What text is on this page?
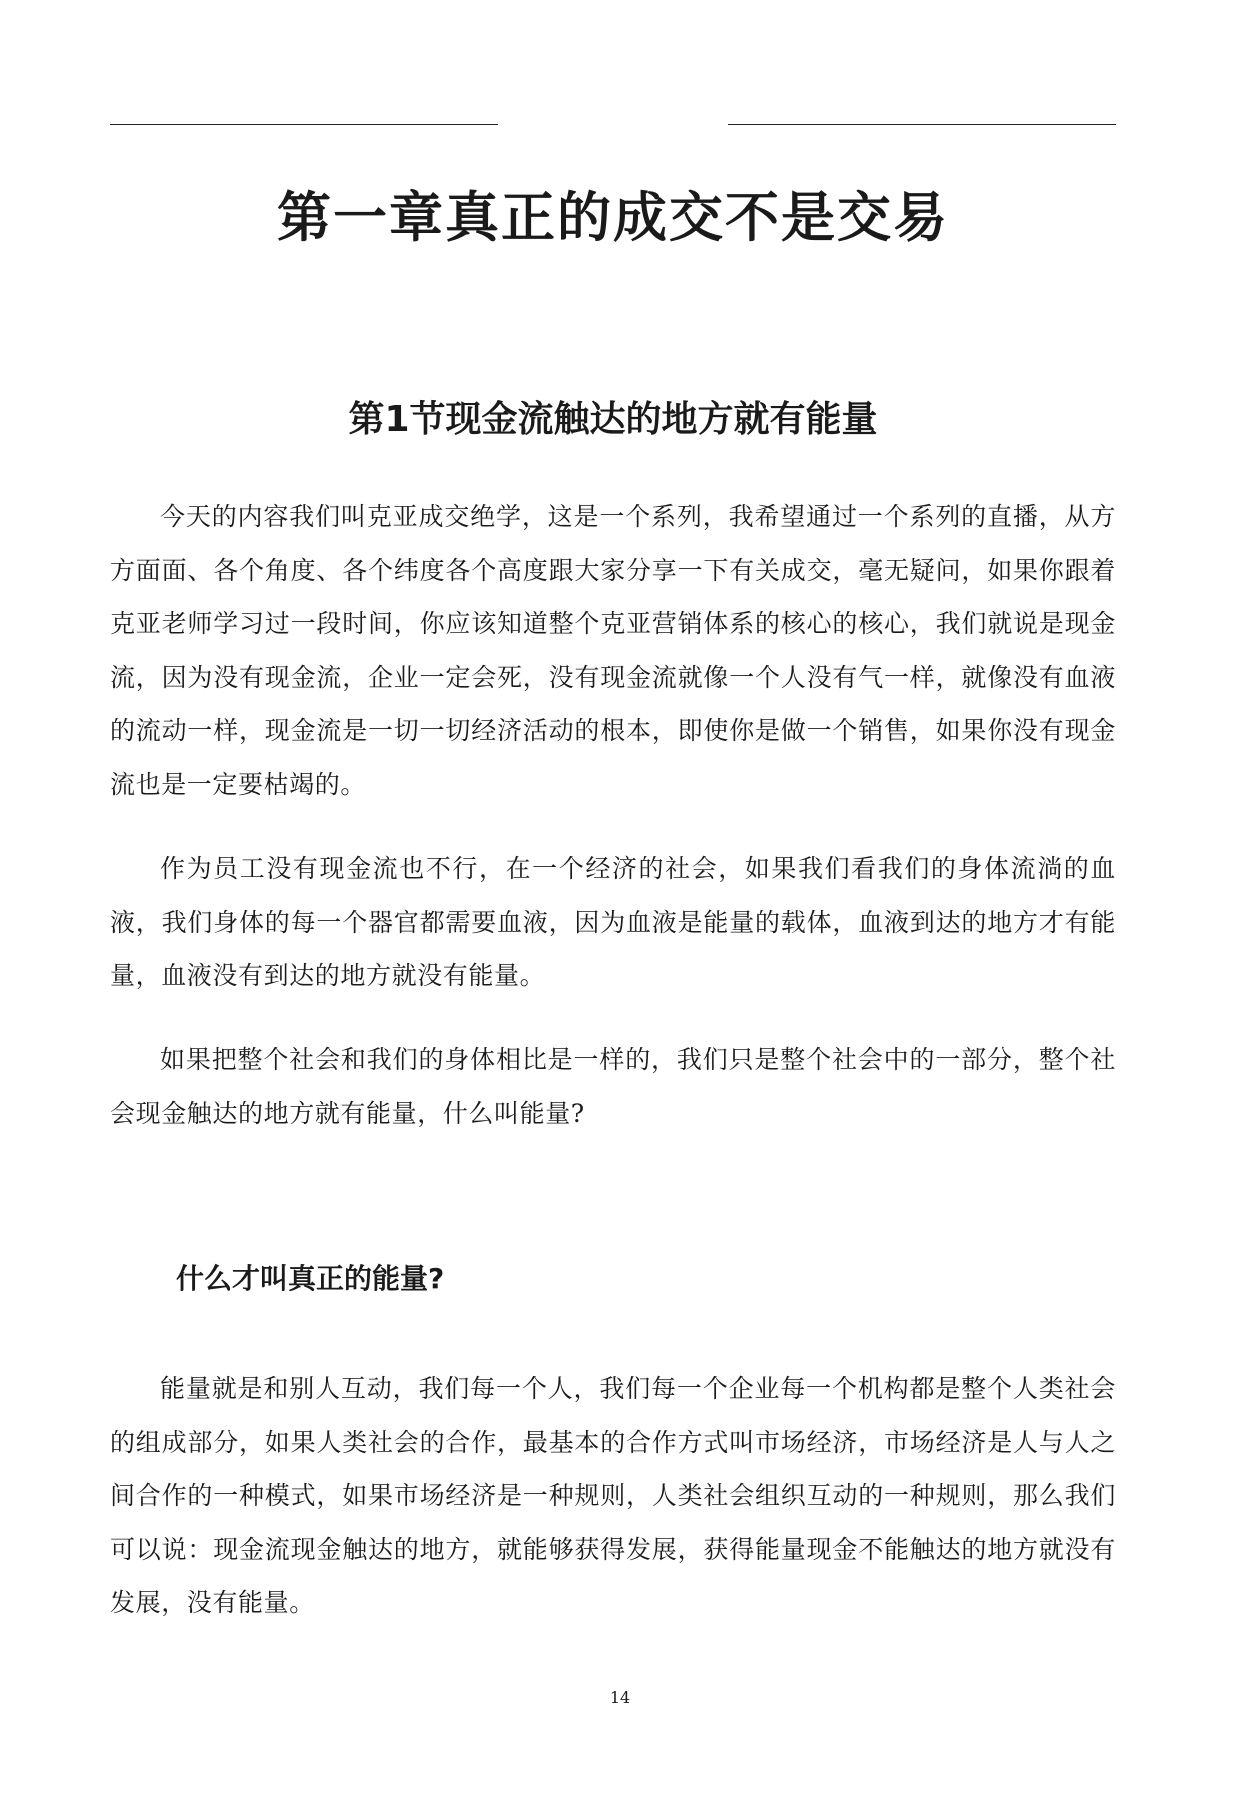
第一章真正的成交不是交易
第1节现金流触达的地方就有能量

今天的内容我们叫克亚成交绝学，这是一个系列，我希望通过一个系列的直播，从方方面面、各个角度、各个纬度各个高度跟大家分享一下有关成交，毫无疑问，如果你跟着克亚老师学习过一段时间，你应该知道整个克亚营销体系的核心的核心，我们就说是现金流，因为没有现金流，企业一定会死，没有现金流就像一个人没有气一样，就像没有血液的流动一样，现金流是一切一切经济活动的根本，即使你是做一个销售，如果你没有现金流也是一定要枯竭的。

作为员工没有现金流也不行，在一个经济的社会，如果我们看我们的身体流淌的血液，我们身体的每一个器官都需要血液，因为血液是能量的载体，血液到达的地方才有能量，血液没有到达的地方就没有能量。

如果把整个社会和我们的身体相比是一样的，我们只是整个社会中的一部分，整个社会现金触达的地方就有能量，什么叫能量?

什么才叫真正的能量?

能量就是和别人互动，我们每一个人，我们每一个企业每一个机构都是整个人类社会的组成部分，如果人类社会的合作，最基本的合作方式叫市场经济，市场经济是人与人之间合作的一种模式，如果市场经济是一种规则，人类社会组织互动的一种规则，那么我们可以说：现金流现金触达的地方，就能够获得发展，获得能量现金不能触达的地方就没有发展，没有能量。

14
